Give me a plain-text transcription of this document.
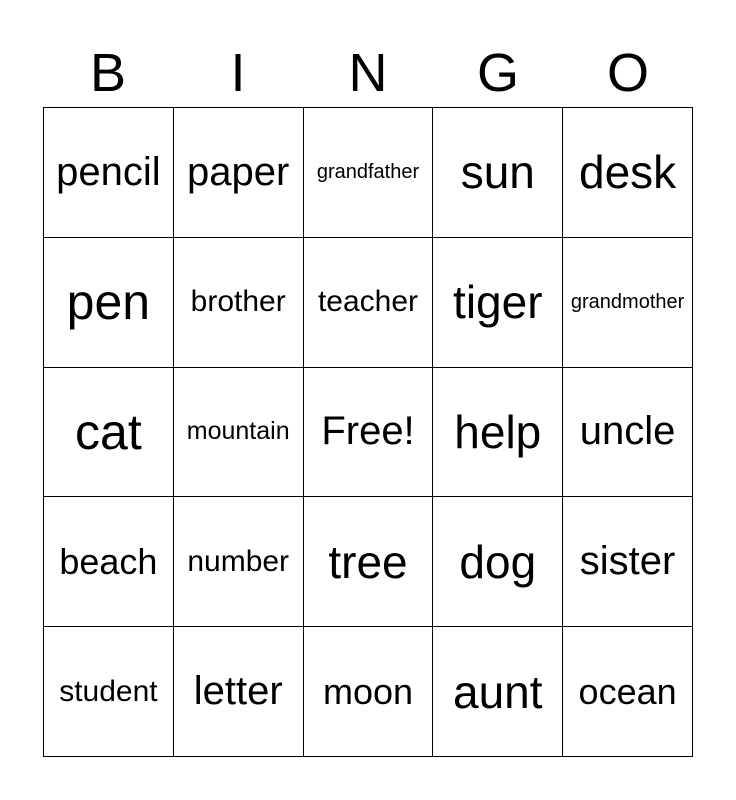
B	I	N	G	O
pencil paper grandfather sun desk
pen brother teacher tiger grandmother
cat mountain Free! help uncle
beach number tree dog sister
student letter moon aunt ocean
